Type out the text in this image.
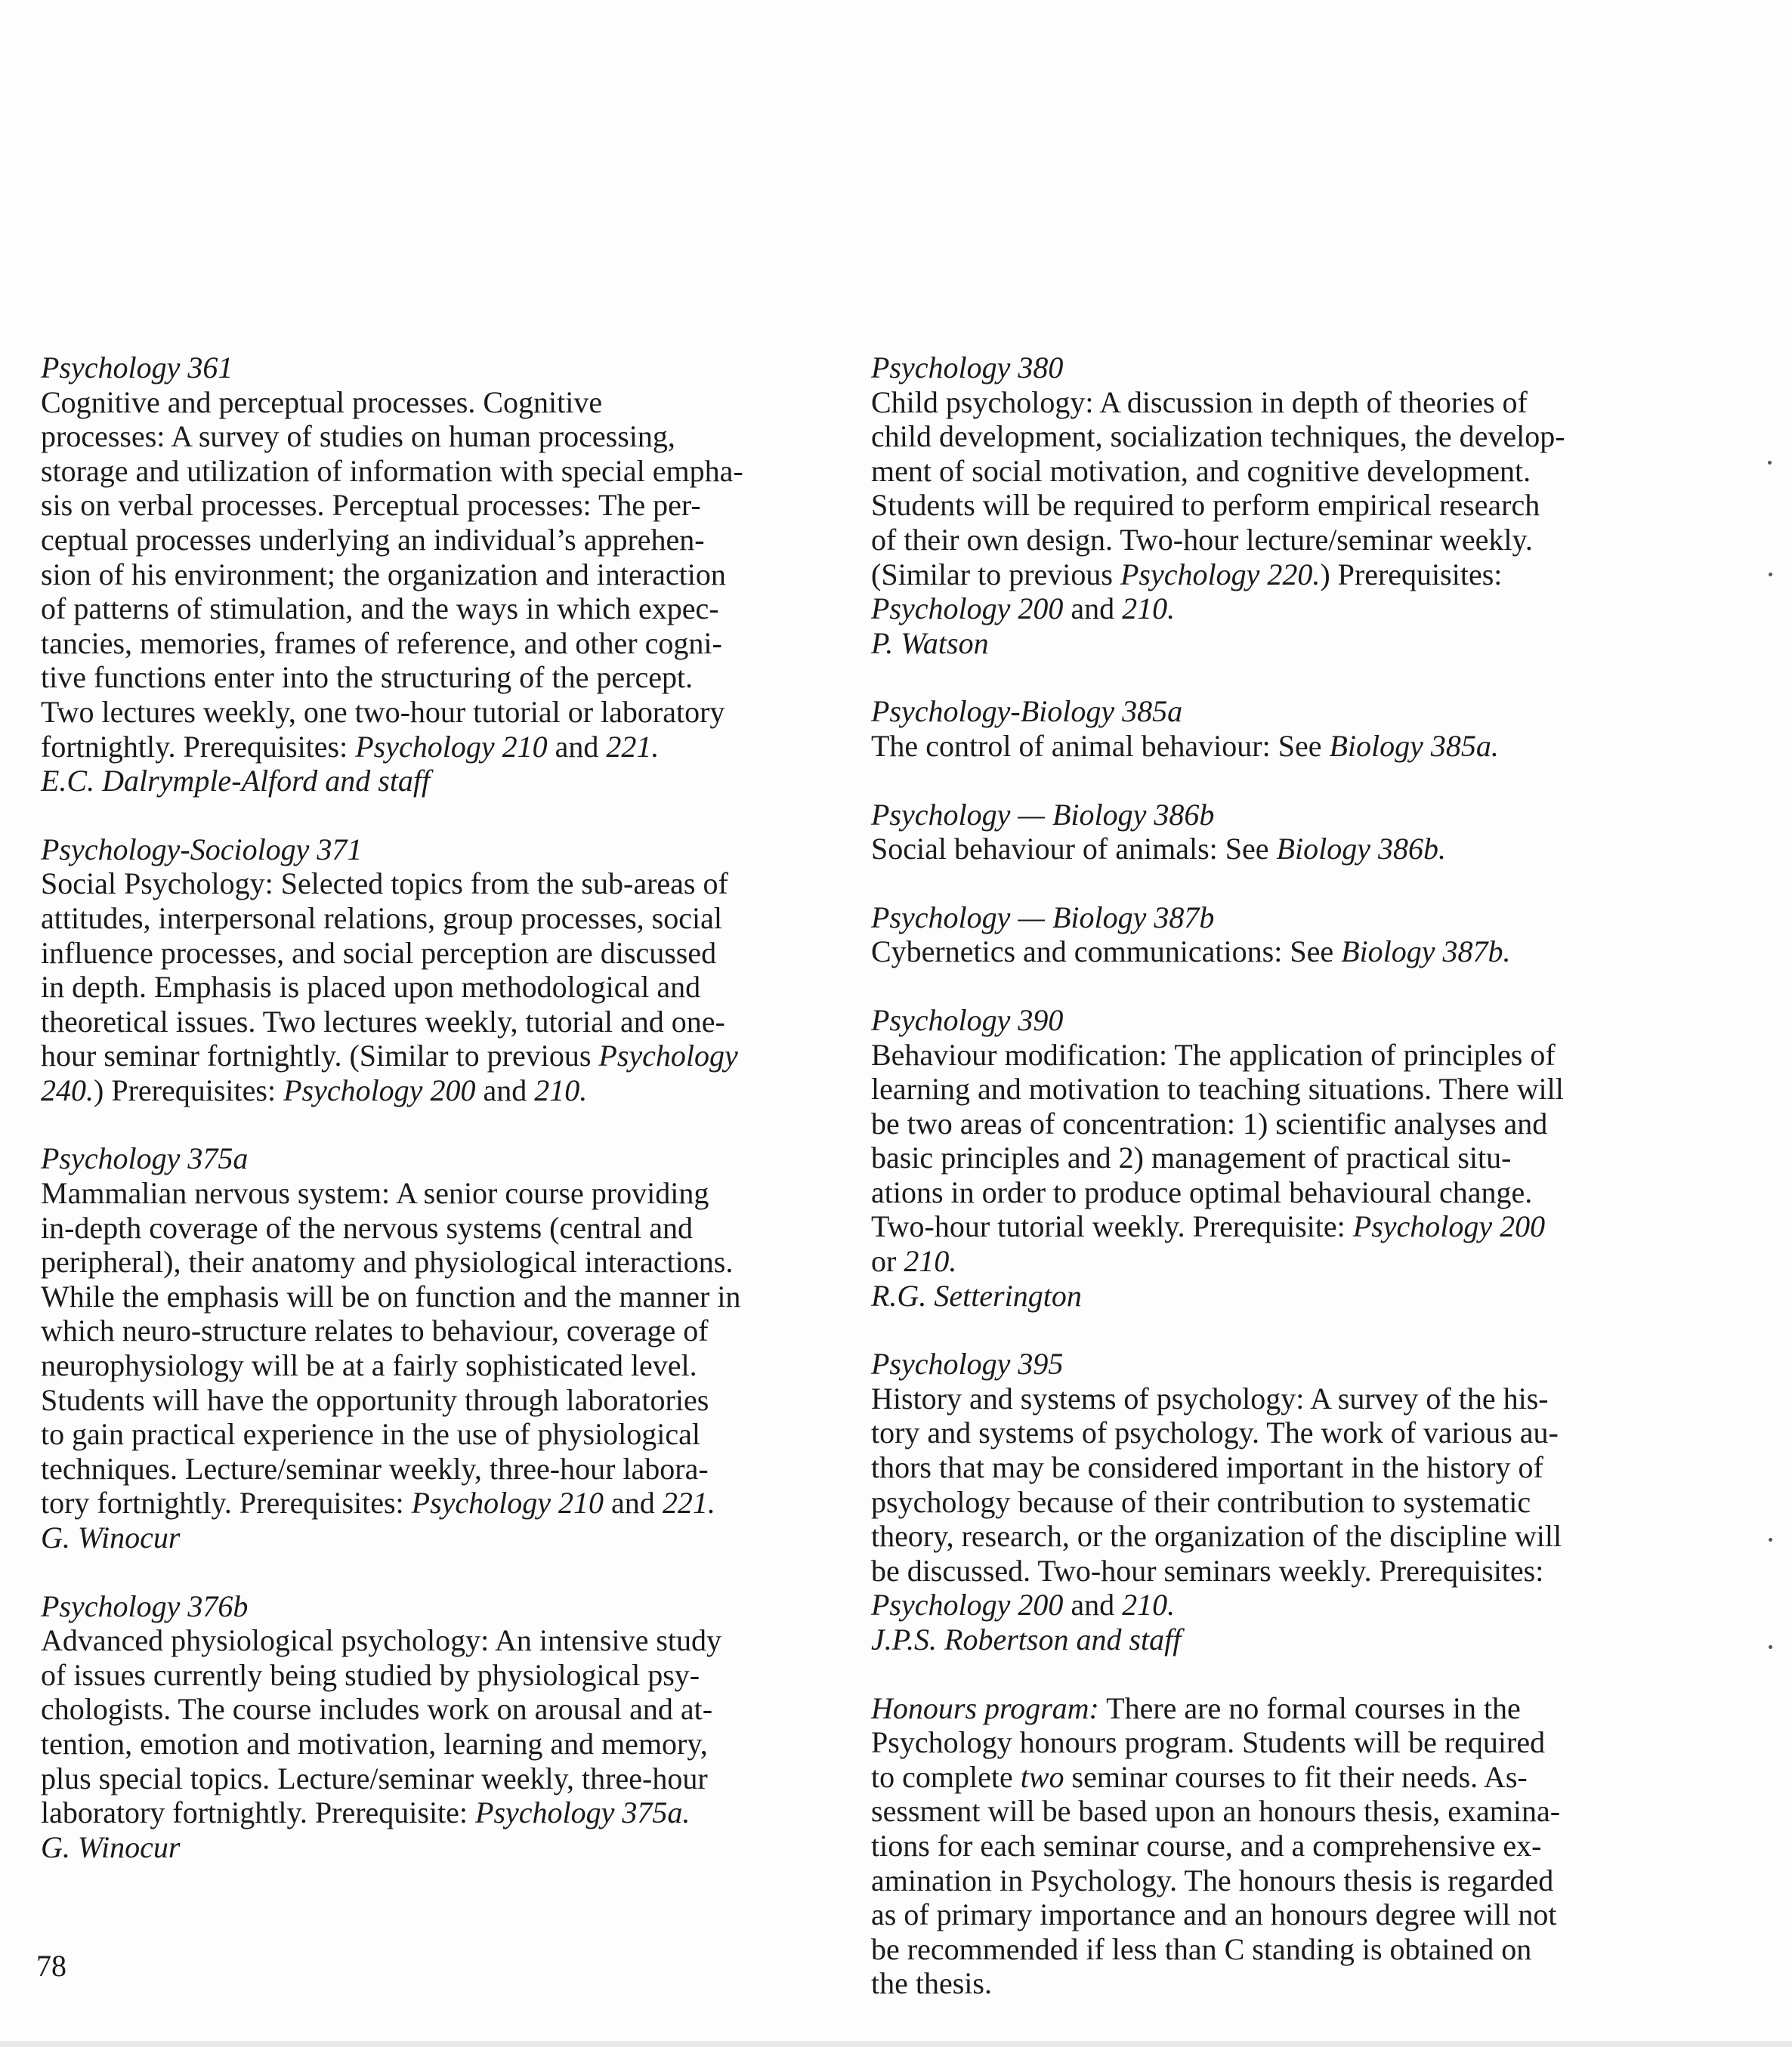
Psychology 361

Cognitive and perceptual processes. Cognitive
processes: A survey of studies on human processing,
storage and utilization of information with special empha-
sis on verbal processes. Perceptual processes: The per-
ceptual processes underlying an individual’s apprehen-
sion of his environment; the organization and interaction
of patterns of stimulation, and the ways in which expec-
tancies, memories, frames of reference, and other cogni-
tive functions enter into the structuring of the percept.
Two lectures weekly, one two-hour tutorial or laboratory
fortnightly. Prerequisites: Psychology 210 and 221.

E.C. Dalrymple-Alford and staff

Psychology-Sociology 371

Social Psychology: Selected topics from the sub-areas of
attitudes, interpersonal relations, group processes, social
influence processes, and social perception are discussed
in depth. Emphasis is placed upon methodological and
theoretical issues. Two lectures weekly, tutorial and one-
hour seminar fortnightly. (Similar to previous Psychology
240.) Prerequisites: Psychology 200 and 210.

Psychology 375a

Mammalian nervous system: A senior course providing
in-depth coverage of the nervous systems (central and
peripheral), their anatomy and physiological interactions.
While the emphasis will be on function and the manner in
which neuro-structure relates to behaviour, coverage of
neurophysiology will be at a fairly sophisticated level.
Students will have the opportunity through laboratories
to gain practical experience in the use of physiological
techniques. Lecture/seminar weekly, three-hour labora-
tory fortnightly. Prerequisites: Psychology 210 and 221.

G. Winocur

Psychology 376b

Advanced physiological psychology: An intensive study
of issues currently being studied by physiological psy-
chologists. The course includes work on arousal and at-
tention, emotion and motivation, learning and memory,
plus special topics. Lecture/seminar weekly, three-hour
laboratory fortnightly. Prerequisite: Psychology 375a.

G. Winocur

Psychology 380

Child psychology: A discussion in depth of theories of
child development, socialization techniques, the develop-
ment of social motivation, and cognitive development.
Students will be required to perform empirical research
of their own design. Two-hour lecture/seminar weekly.
(Similar to previous Psychology 220.) Prerequisites:
Psychology 200 and 210.

P. Watson

Psychology-Biology 385a

The control of animal behaviour: See Biology 385a.

Psychology — Biology 386b

Social behaviour of animals: See Biology 386b.

Psychology — Biology 387b

Cybernetics and communications: See Biology 387b.

Psychology 390

Behaviour modification: The application of principles of
learning and motivation to teaching situations. There will
be two areas of concentration: 1) scientific analyses and
basic principles and 2) management of practical situ-
ations in order to produce optimal behavioural change.
Two-hour tutorial weekly. Prerequisite: Psychology 200
or 210.

R.G. Setterington

Psychology 395

History and systems of psychology: A survey of the his-
tory and systems of psychology. The work of various au-
thors that may be considered important in the history of
psychology because of their contribution to systematic
theory, research, or the organization of the discipline will
be discussed. Two-hour seminars weekly. Prerequisites:
Psychology 200 and 210.

J.P.S. Robertson and staff

Honours program: There are no formal courses in the
Psychology honours program. Students will be required
to complete two seminar courses to fit their needs. As-
sessment will be based upon an honours thesis, examina-
tions for each seminar course, and a comprehensive ex-
amination in Psychology. The honours thesis is regarded
as of primary importance and an honours degree will not
be recommended if less than C standing is obtained on
the thesis.

78
